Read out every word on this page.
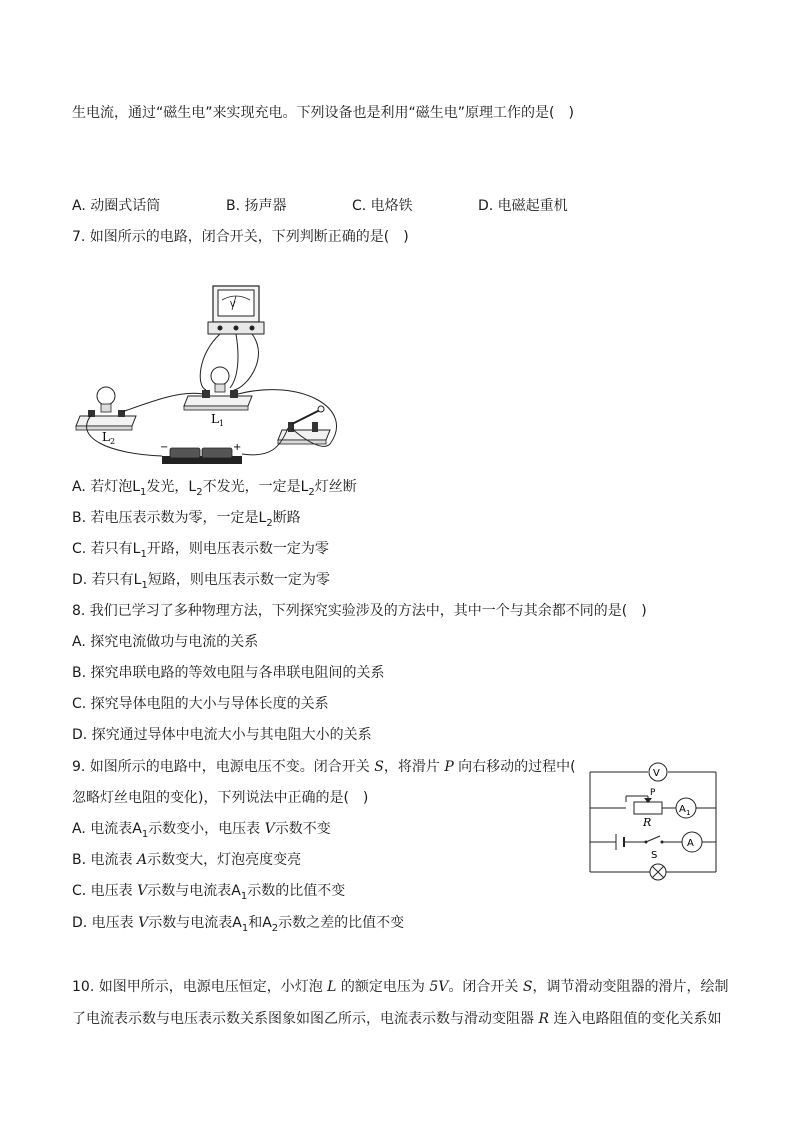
生电流，通过“磁生电”来实现充电。下列设备也是利用“磁生电”原理工作的是(　)
A. 动圈式话筒	B. 扬声器	C. 电烙铁	D. 电磁起重机
7. 如图所示的电路，闭合开关，下列判断正确的是(　)
V
L 1
L 2
−	+
A. 若灯泡$L_1$发光，$L_2$不发光，一定是$L_2$灯丝断
B. 若电压表示数为零，一定是$L_2$断路
C. 若只有$L_1$开路，则电压表示数一定为零
D. 若只有$L_1$短路，则电压表示数一定为零
8. 我们已学习了多种物理方法，下列探究实验涉及的方法中，其中一个与其余都不同的是(　)
A. 探究电流做功与电流的关系
B. 探究串联电路的等效电阻与各串联电阻间的关系
C. 探究导体电阻的大小与导体长度的关系
D. 探究通过导体中电流大小与其电阻大小的关系
9. 如图所示的电路中，电源电压不变。闭合开关 S，将滑片 P 向右移动的过程中(
忽略灯丝电阻的变化)，下列说法中正确的是(　)
A. 电流表$A_1$示数变小，电压表 V示数不变
B. 电流表 A示数变大，灯泡亮度变亮
C. 电压表 V示数与电流表$A_1$示数的比值不变
D. 电压表 V示数与电流表$A_1$和$A_2$示数之差的比值不变
P
R
V
A 1
S
A
10. 如图甲所示，电源电压恒定，小灯泡 L 的额定电压为 5V。闭合开关 S，调节滑动变阻器的滑片，绘制
了电流表示数与电压表示数关系图象如图乙所示，电流表示数与滑动变阻器 R 连入电路阻值的变化关系如
